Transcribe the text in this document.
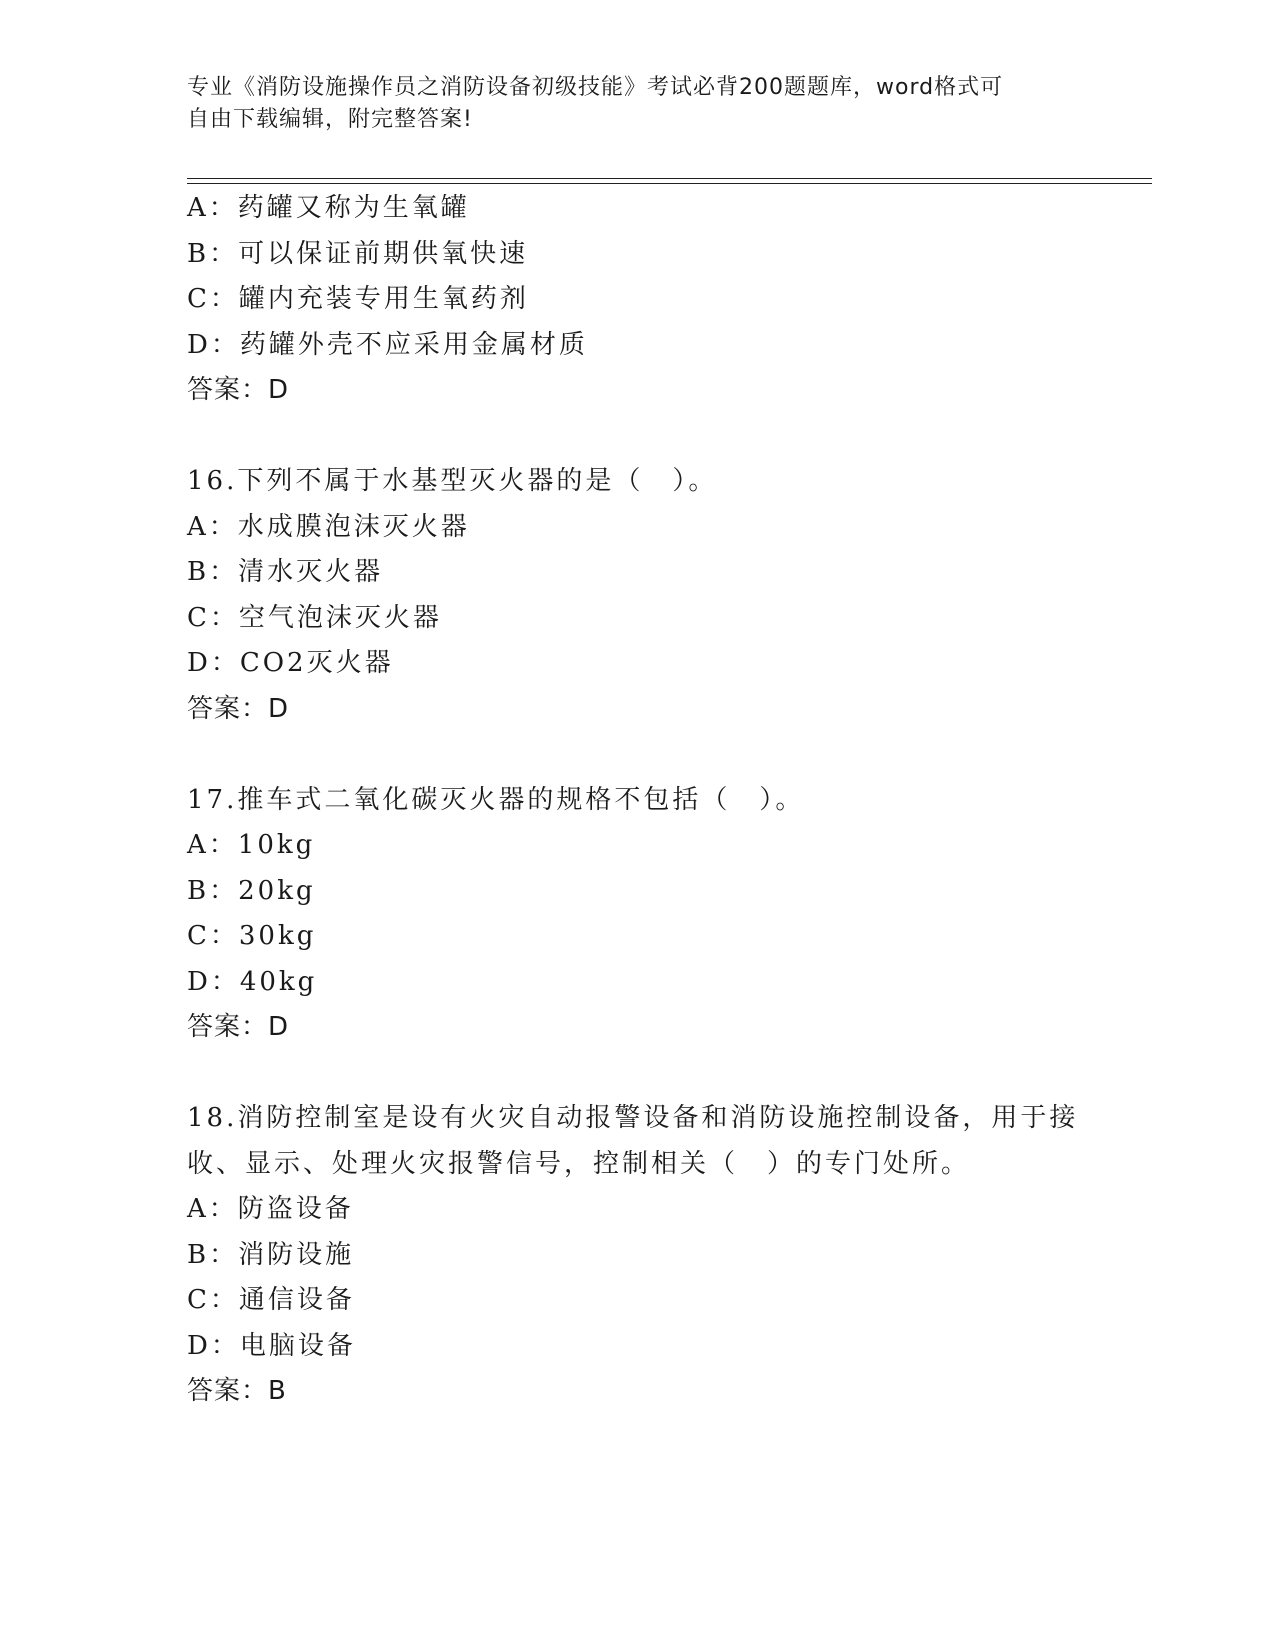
专业《消防设施操作员之消防设备初级技能》考试必背200题题库，word格式可
自由下载编辑，附完整答案!
A：药罐又称为生氧罐
B：可以保证前期供氧快速
C：罐内充装专用生氧药剂
D：药罐外壳不应采用金属材质
答案：D
16.下列不属于水基型灭火器的是（　）。
A：水成膜泡沫灭火器
B：清水灭火器
C：空气泡沫灭火器
D：CO2灭火器
答案：D
17.推车式二氧化碳灭火器的规格不包括（　）。
A：10kg
B：20kg
C：30kg
D：40kg
答案：D
18.消防控制室是设有火灾自动报警设备和消防设施控制设备，用于接
收、显示、处理火灾报警信号，控制相关（　）的专门处所。
A：防盗设备
B：消防设施
C：通信设备
D：电脑设备
答案：B
